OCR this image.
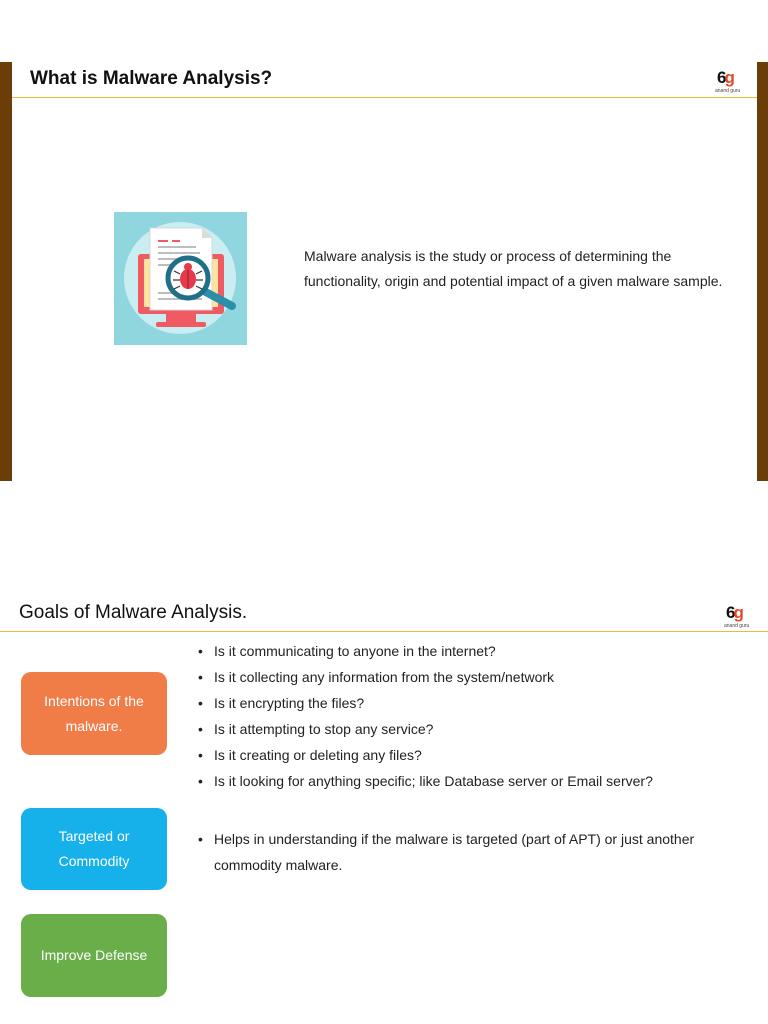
What is Malware Analysis?	6g
anand guru

Malware analysis is the study or process of determining the functionality, origin and potential impact of a given malware sample.

Goals of Malware Analysis.	6g
anand guru
Intentions of the
malware.
• Is it communicating to anyone in the internet?
• Is it collecting any information from the system/network
• Is it encrypting the files?
• Is it attempting to stop any service?
• Is it creating or deleting any files?
• Is it looking for anything specific; like Database server or Email server?
Targeted or
Commodity
• Helps in understanding if the malware is targeted (part of APT) or just another commodity malware.
Improve Defense
